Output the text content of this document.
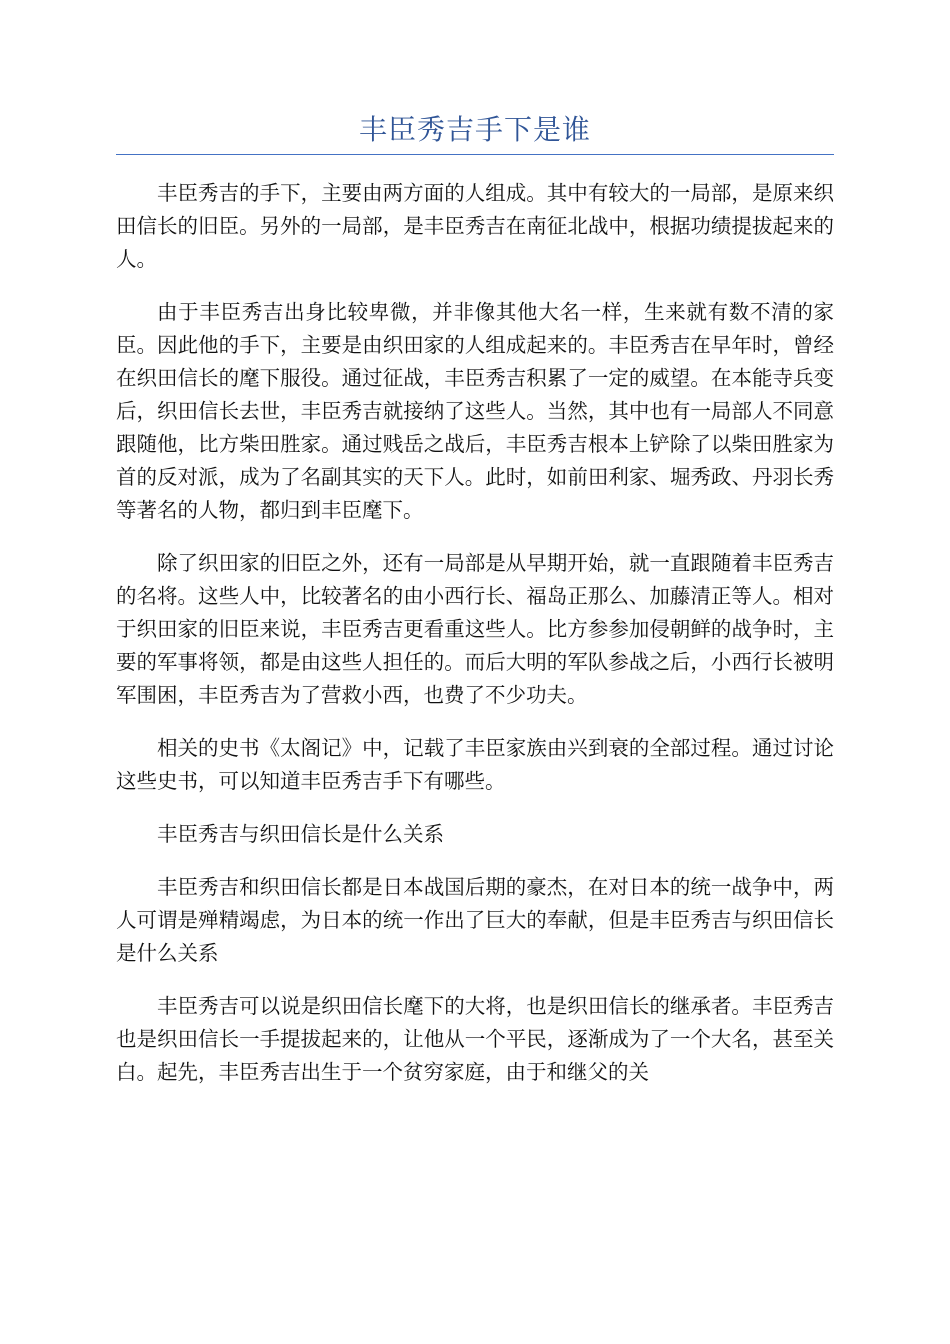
丰臣秀吉手下是谁

丰臣秀吉的手下，主要由两方面的人组成。其中有较大的一局部，是原来织田信长的旧臣。另外的一局部，是丰臣秀吉在南征北战中，根据功绩提拔起来的人。

由于丰臣秀吉出身比较卑微，并非像其他大名一样，生来就有数不清的家臣。因此他的手下，主要是由织田家的人组成起来的。丰臣秀吉在早年时，曾经在织田信长的麾下服役。通过征战，丰臣秀吉积累了一定的威望。在本能寺兵变后，织田信长去世，丰臣秀吉就接纳了这些人。当然，其中也有一局部人不同意跟随他，比方柴田胜家。通过贱岳之战后，丰臣秀吉根本上铲除了以柴田胜家为首的反对派，成为了名副其实的天下人。此时，如前田利家、堀秀政、丹羽长秀等著名的人物，都归到丰臣麾下。

除了织田家的旧臣之外，还有一局部是从早期开始，就一直跟随着丰臣秀吉的名将。这些人中，比较著名的由小西行长、福岛正那么、加藤清正等人。相对于织田家的旧臣来说，丰臣秀吉更看重这些人。比方参参加侵朝鲜的战争时，主要的军事将领，都是由这些人担任的。而后大明的军队参战之后，小西行长被明军围困，丰臣秀吉为了营救小西，也费了不少功夫。

相关的史书《太阁记》中，记载了丰臣家族由兴到衰的全部过程。通过讨论这些史书，可以知道丰臣秀吉手下有哪些。

丰臣秀吉与织田信长是什么关系

丰臣秀吉和织田信长都是日本战国后期的豪杰，在对日本的统一战争中，两人可谓是殚精竭虑，为日本的统一作出了巨大的奉献，但是丰臣秀吉与织田信长是什么关系

丰臣秀吉可以说是织田信长麾下的大将，也是织田信长的继承者。丰臣秀吉也是织田信长一手提拔起来的，让他从一个平民，逐渐成为了一个大名，甚至关白。起先，丰臣秀吉出生于一个贫穷家庭，由于和继父的关
